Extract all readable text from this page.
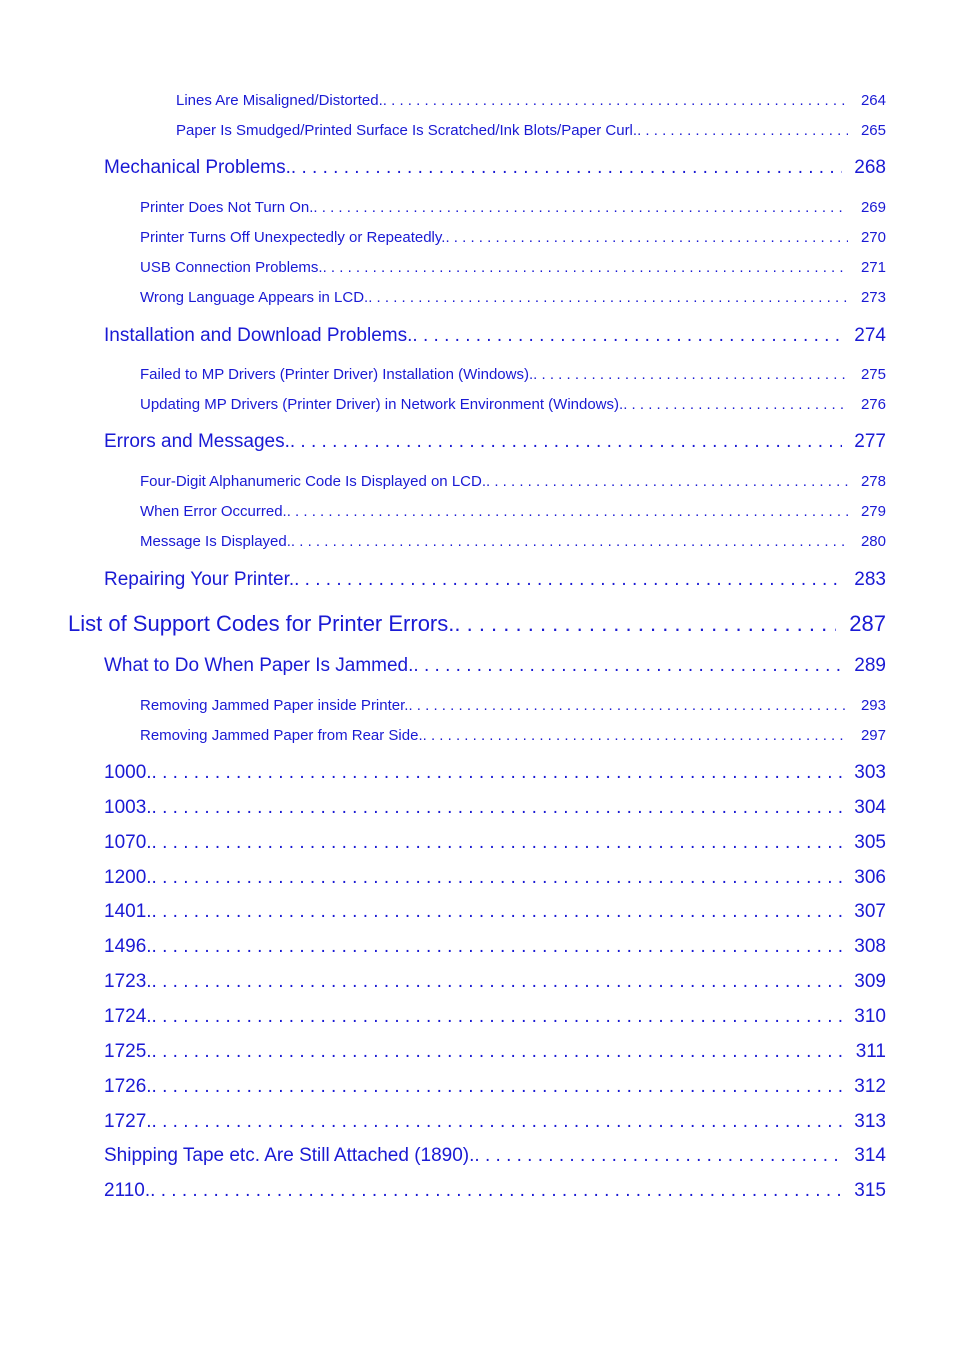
Lines Are Misaligned/Distorted. . . .	264
Paper Is Smudged/Printed Surface Is Scratched/Ink Blots/Paper Curl. . . .	265
Mechanical Problems. . . .	268
Printer Does Not Turn On. . . .	269
Printer Turns Off Unexpectedly or Repeatedly. . . .	270
USB Connection Problems. . . .	271
Wrong Language Appears in LCD. . . .	273
Installation and Download Problems. . . .	274
Failed to MP Drivers (Printer Driver) Installation (Windows). . . .	275
Updating MP Drivers (Printer Driver) in Network Environment (Windows). . . .	276
Errors and Messages. . . .	277
Four-Digit Alphanumeric Code Is Displayed on LCD. . . .	278
When Error Occurred. . . .	279
Message Is Displayed. . . .	280
Repairing Your Printer. . . .	283
List of Support Codes for Printer Errors. . . .	287
What to Do When Paper Is Jammed. . . .	289
Removing Jammed Paper inside Printer. . . .	293
Removing Jammed Paper from Rear Side. . . .	297
1000. . . .	303
1003. . . .	304
1070. . . .	305
1200. . . .	306
1401. . . .	307
1496. . . .	308
1723. . . .	309
1724. . . .	310
1725. . . .	311
1726. . . .	312
1727. . . .	313
Shipping Tape etc. Are Still Attached (1890). . . .	314
2110. . . .	315
